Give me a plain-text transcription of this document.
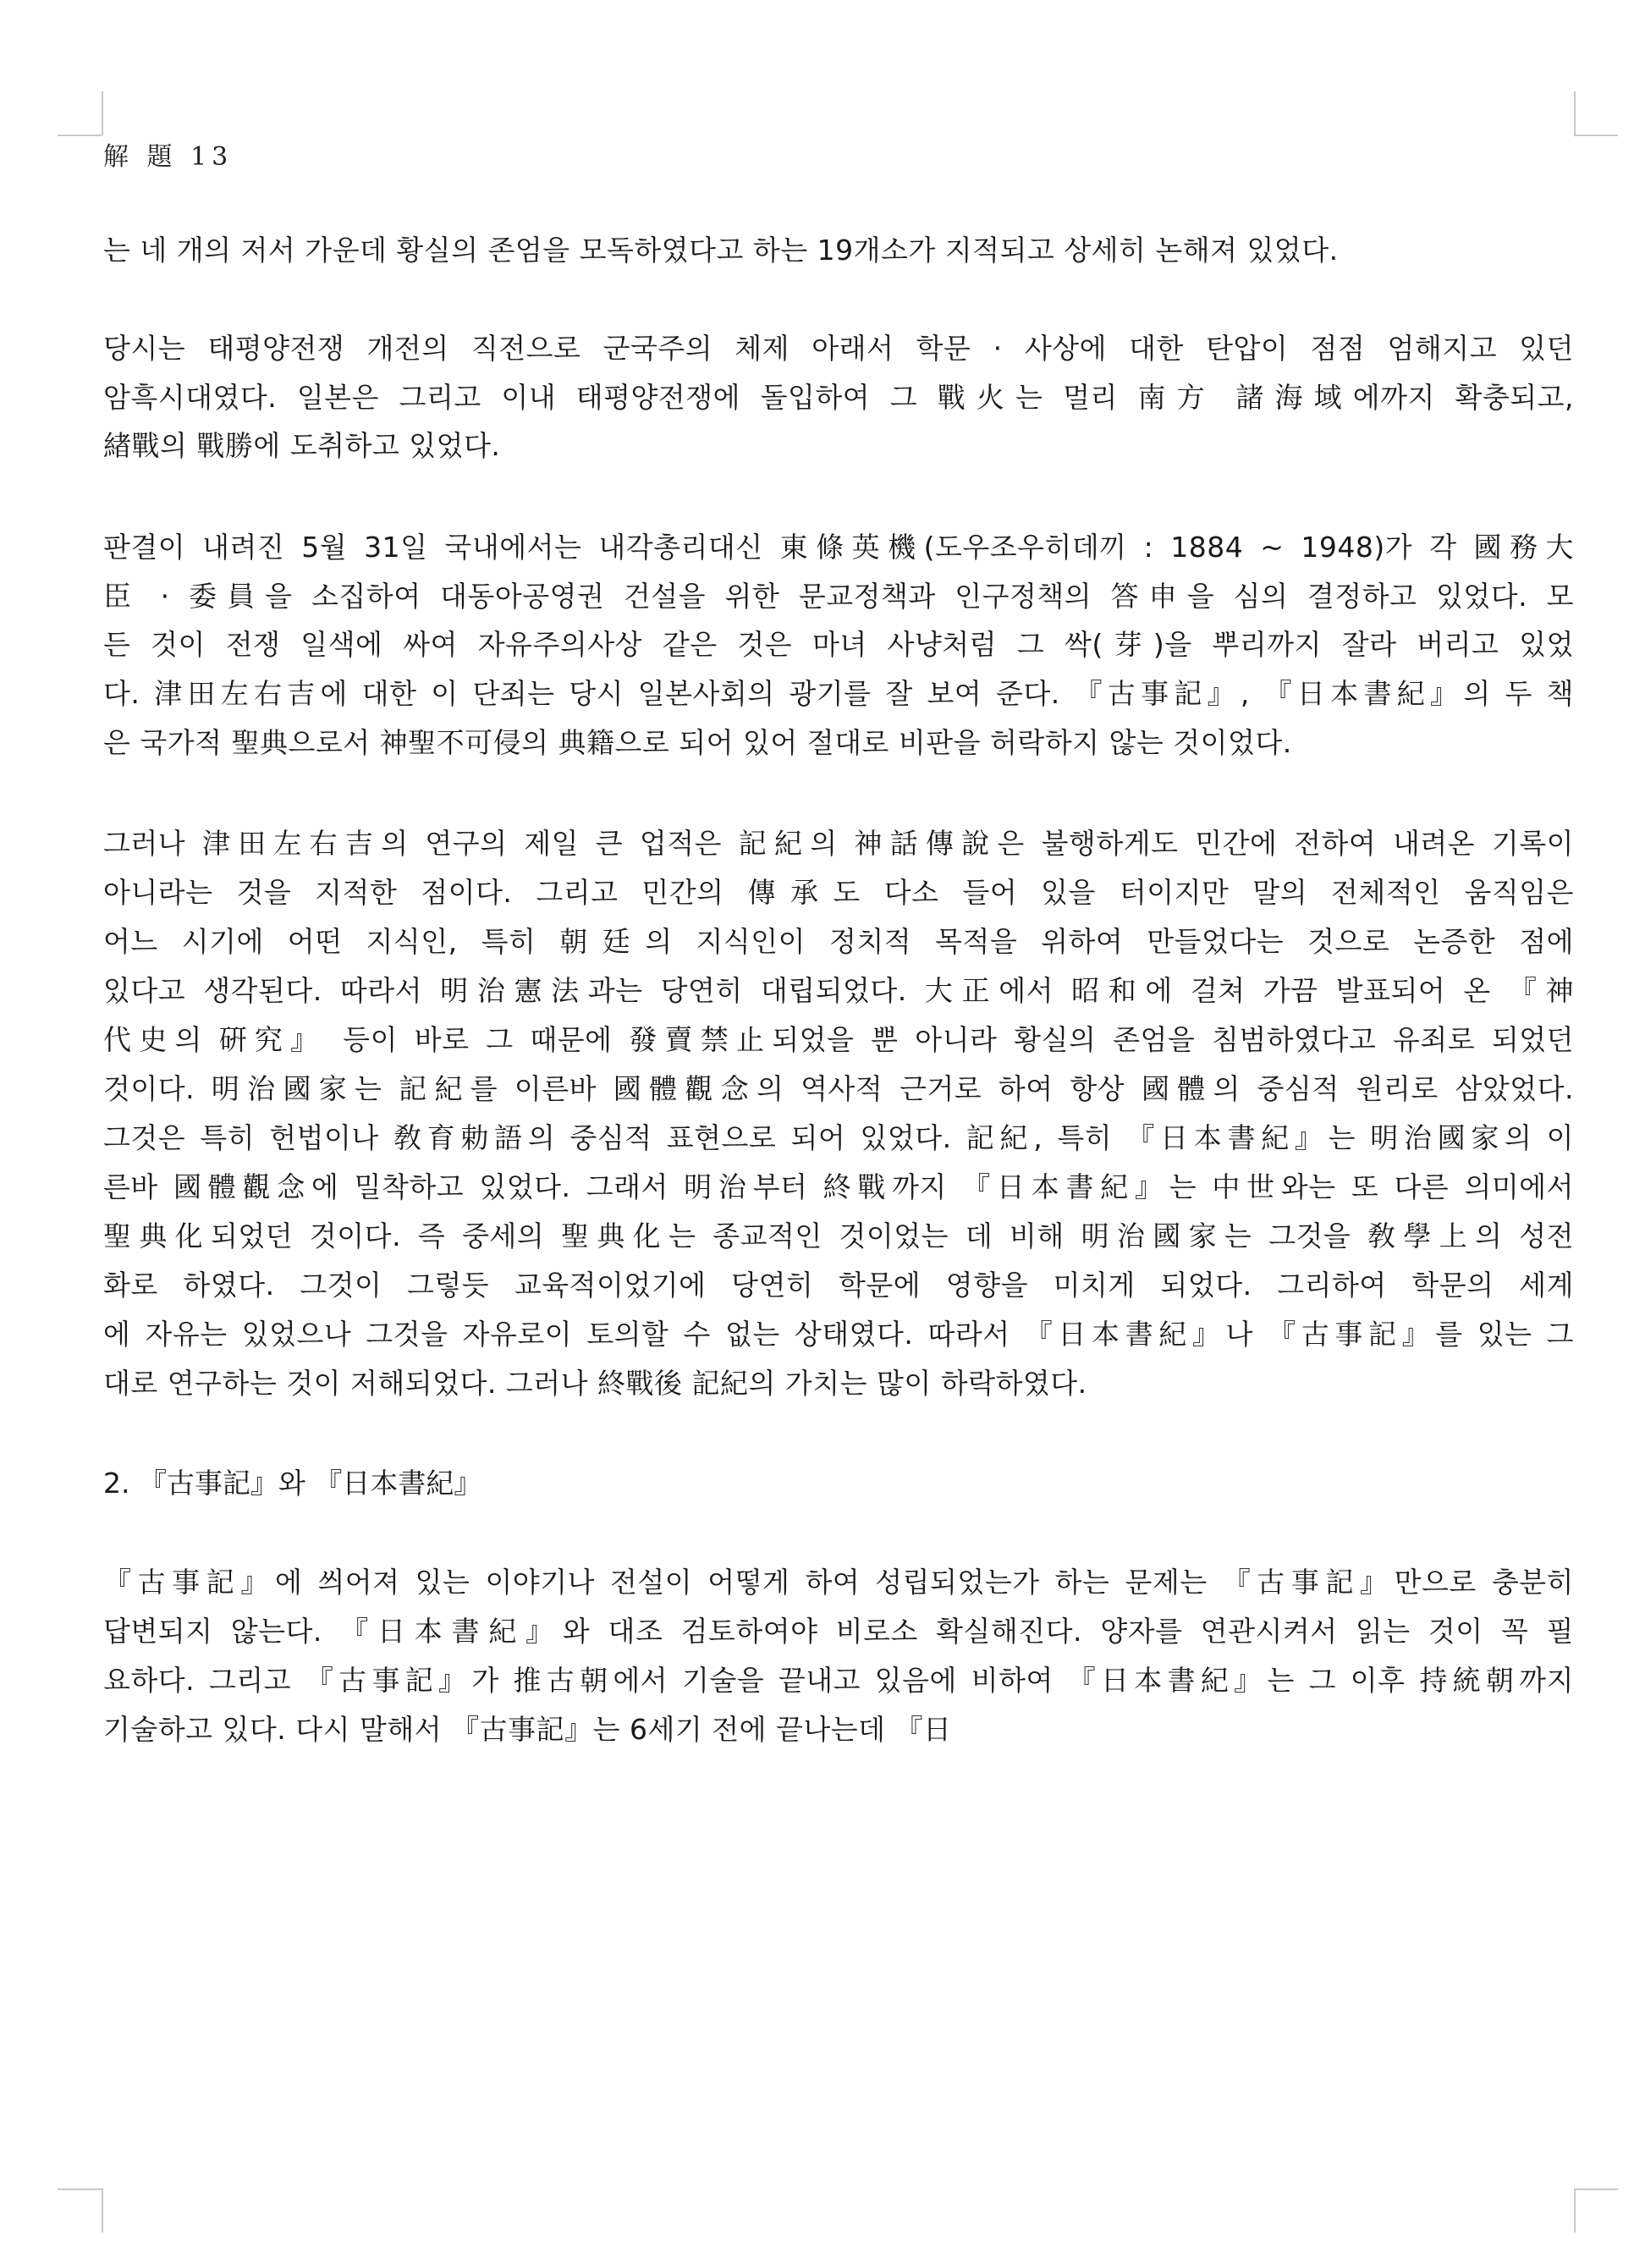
解 題 13
는 네 개의 저서 가운데 황실의 존엄을 모독하였다고 하는 19개소가 지적되고 상세히 논해져 있었다.
당시는 태평양전쟁 개전의 직전으로 군국주의 체제 아래서 학문 · 사상에 대한 탄압이 점점 엄해지고 있던
암흑시대였다. 일본은 그리고 이내 태평양전쟁에 돌입하여 그 戰火는 멀리 南方 諸海域에까지 확충되고,
緖戰의 戰勝에 도취하고 있었다.
판결이 내려진 5월 31일 국내에서는 내각총리대신 東條英機(도우조우히데끼 : 1884 ~ 1948)가 각 國務大
臣 · 委員을 소집하여 대동아공영권 건설을 위한 문교정책과 인구정책의 答申을 심의 결정하고 있었다. 모
든 것이 전쟁 일색에 싸여 자유주의사상 같은 것은 마녀 사냥처럼 그 싹(芽)을 뿌리까지 잘라 버리고 있었
다. 津田左右吉에 대한 이 단죄는 당시 일본사회의 광기를 잘 보여 준다. 『古事記』, 『日本書紀』의 두 책
은 국가적 聖典으로서 神聖不可侵의 典籍으로 되어 있어 절대로 비판을 허락하지 않는 것이었다.
그러나 津田左右吉의 연구의 제일 큰 업적은 記紀의 神話傳說은 불행하게도 민간에 전하여 내려온 기록이
아니라는 것을 지적한 점이다. 그리고 민간의 傳承도 다소 들어 있을 터이지만 말의 전체적인 움직임은
어느 시기에 어떤 지식인, 특히 朝廷의 지식인이 정치적 목적을 위하여 만들었다는 것으로 논증한 점에
있다고 생각된다. 따라서 明治憲法과는 당연히 대립되었다. 大正에서 昭和에 걸쳐 가끔 발표되어 온 『神
代史의 硏究』 등이 바로 그 때문에 發賣禁止되었을 뿐 아니라 황실의 존엄을 침범하였다고 유죄로 되었던
것이다. 明治國家는 記紀를 이른바 國體觀念의 역사적 근거로 하여 항상 國體의 중심적 원리로 삼았었다.
그것은 특히 헌법이나 敎育勅語의 중심적 표현으로 되어 있었다. 記紀, 특히 『日本書紀』는 明治國家의 이
른바 國體觀念에 밀착하고 있었다. 그래서 明治부터 終戰까지 『日本書紀』는 中世와는 또 다른 의미에서
聖典化되었던 것이다. 즉 중세의 聖典化는 종교적인 것이었는 데 비해 明治國家는 그것을 敎學上의 성전
화로 하였다. 그것이 그렇듯 교육적이었기에 당연히 학문에 영향을 미치게 되었다. 그리하여 학문의 세계
에 자유는 있었으나 그것을 자유로이 토의할 수 없는 상태였다. 따라서 『日本書紀』나 『古事記』를 있는 그
대로 연구하는 것이 저해되었다. 그러나 終戰後 記紀의 가치는 많이 하락하였다.
2. 『古事記』와 『日本書紀』
『古事記』에 씌어져 있는 이야기나 전설이 어떻게 하여 성립되었는가 하는 문제는 『古事記』만으로 충분히
답변되지 않는다. 『日本書紀』와 대조 검토하여야 비로소 확실해진다. 양자를 연관시켜서 읽는 것이 꼭 필
요하다. 그리고 『古事記』가 推古朝에서 기술을 끝내고 있음에 비하여 『日本書紀』는 그 이후 持統朝까지
기술하고 있다. 다시 말해서 『古事記』는 6세기 전에 끝나는데 『日
